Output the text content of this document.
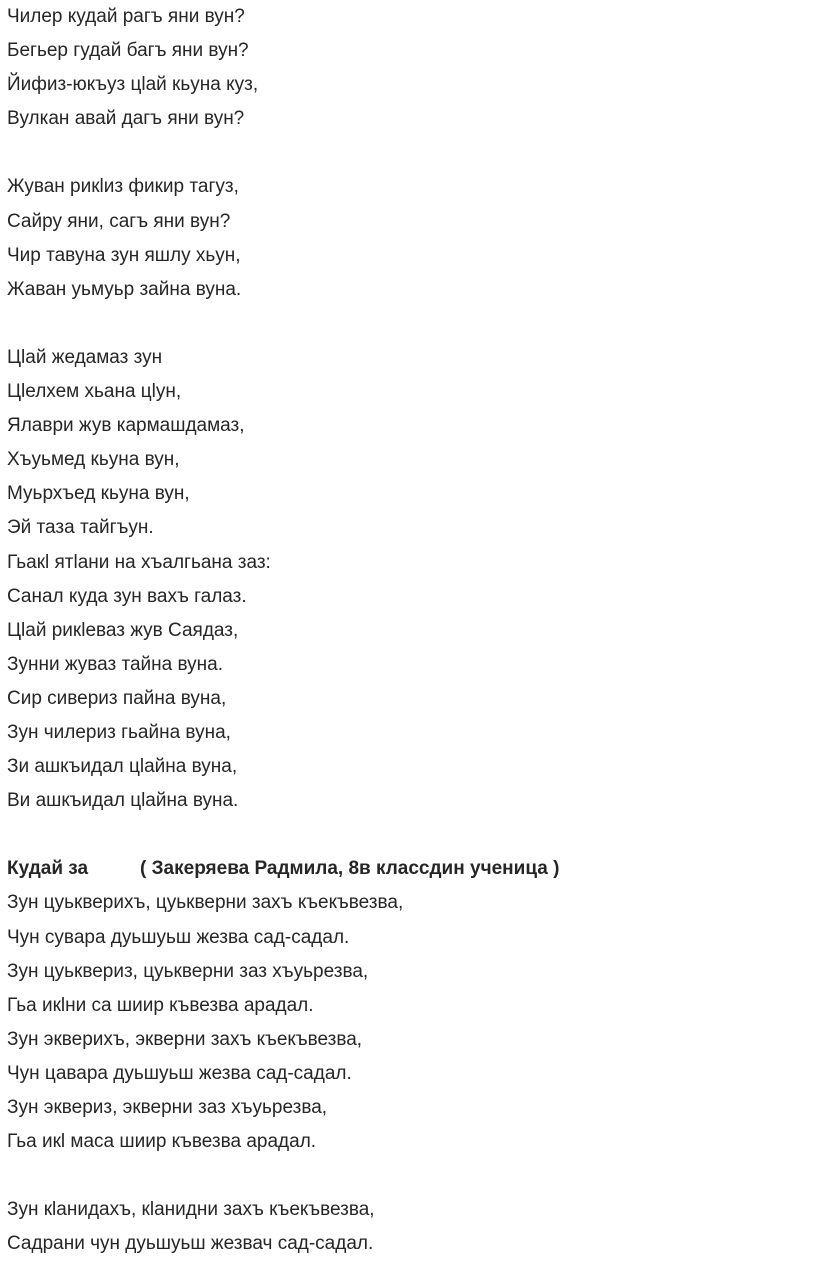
Чилер кудай рагъ яни вун?
Бегьер гудай багъ яни вун?
Йифиз-юкъуз цlай кьуна куз,
Вулкан авай дагъ яни вун?
Жуван рикlиз фикир тагуз,
Сайру яни, сагъ яни вун?
Чир тавуна зун яшлу хьун,
Жаван уьмуьр зайна вуна.
Цlай жедамаз зун
Цlелхем хьана цlун,
Ялаври жув кармашдамаз,
Хъуьмед кьуна вун,
Муьрхъед кьуна вун,
Эй таза тайгъун.
Гьакl ятlани на хъалгьана заз:
Санал куда зун вахъ галаз.
Цlай рикlеваз жув Саядаз,
Зунни жуваз тайна вуна.
Сир сивериз пайна вуна,
Зун чилериз гьайна вуна,
Зи ашкъидал цlайна вуна,
Ви ашкъидал цlайна вуна.
Кудай за	( Закеряева Радмила, 8в классдин ученица )
Зун цуькверихъ, цуькверни захъ къекъвезва,
Чун сувара дуьшуьш жезва сад-садал.
Зун цуьквериз, цуькверни заз хъуьрезва,
Гьа икlни са шиир къвезва арадал.
Зун экверихъ, экверни захъ къекъвезва,
Чун цавара дуьшуьш жезва сад-садал.
Зун эквериз, экверни заз хъуьрезва,
Гьа икl маса шиир къвезва арадал.
Зун кlанидахъ, кlанидни захъ къекъвезва,
Садрани чун дуьшуьш жезвач сад-садал.
